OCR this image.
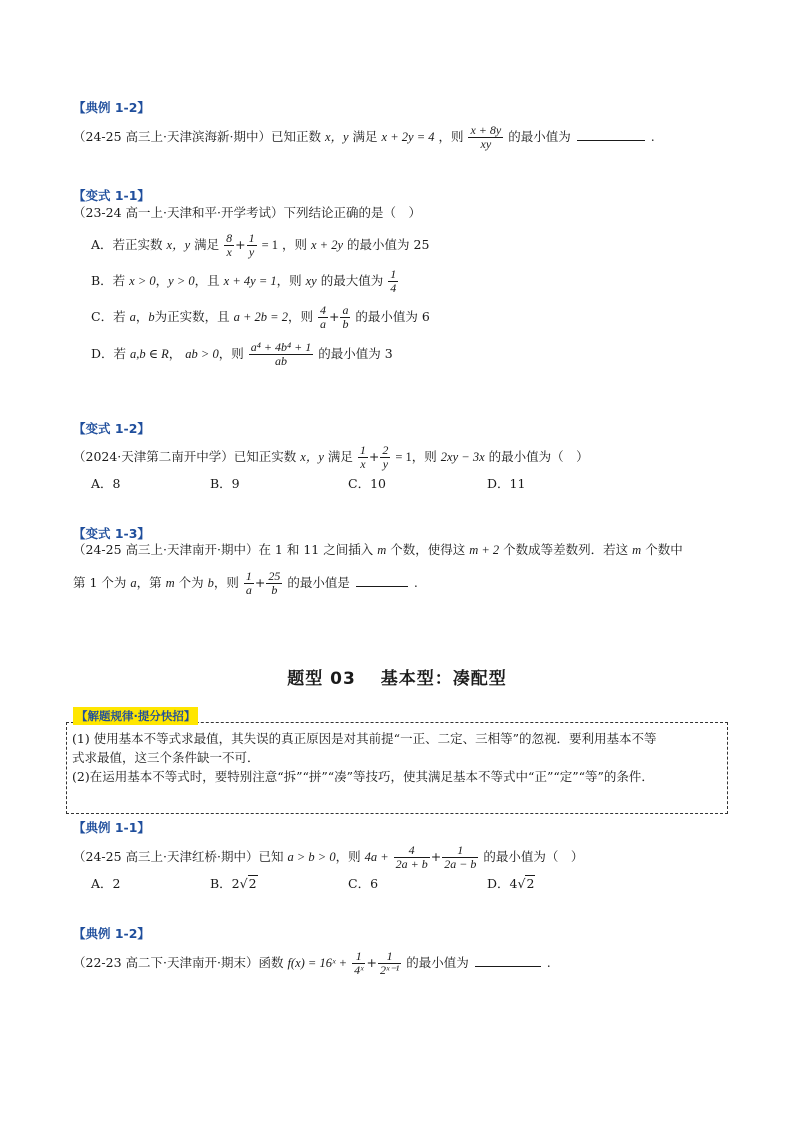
【典例 1-2】
（24-25 高三上·天津滨海新·期中）已知正数 x，y 满足 x + 2y = 4 ，则 $\frac{x + 8y}{xy}$ 的最小值为	.
【变式 1-1】
（23-24 高一上·天津和平·开学考试）下列结论正确的是（　）
A．若正实数 x，y 满足 $\frac{8}{x} + \frac{1}{y} = 1$ ，则 x + 2y 的最小值为 25
B．若 x > 0，y > 0，且 x + 4y = 1，则 xy 的最大值为 $\frac{1}{4}$
C．若 a，b为正实数，且 a + 2b = 2，则 $\frac{4}{a} + \frac{a}{b}$ 的最小值为 6
D．若 a,b ∈ R， ab > 0，则 $\frac{\text{a⁴ + 4b⁴ + 1}}{ab}$ 的最小值为 3
【变式 1-2】
（2024·天津第二南开中学）已知正实数 x，y 满足 $\frac{1}{x} + \frac{2}{y} = 1$，则 2xy − 3x 的最小值为（　）
A．8	B．9	C．10	D．11
【变式 1-3】
（24-25 高三上·天津南开·期中）在 1 和 11 之间插入 m 个数，使得这 m + 2 个数成等差数列．若这 m 个数中
第 1 个为 a，第 m 个为 b，则 $\frac{1}{a} + \frac{25}{b}$ 的最小值是	.
题型 03　 基本型：凑配型
【解题规律·提分快招】
(1) 使用基本不等式求最值，其失误的真正原因是对其前提“一正、二定、三相等”的忽视．要利用基本不等
式求最值，这三个条件缺一不可．
(2)在运用基本不等式时，要特别注意“拆”“拼”“凑”等技巧，使其满足基本不等式中“正”“定”“等”的条件．
【典例 1-1】
（24-25 高三上·天津红桥·期中）已知 a > b > 0，则 $4a + \frac{4}{2a + b} + \frac{1}{2a - b}$ 的最小值为（　）
A．2	B．2√2	C．6	D．4√2
【典例 1-2】
（22-23 高二下·天津南开·期末）函数 f(x) = 16ˣ + $\frac{1}{\text{4ˣ}} + \frac{1}{\text{2ˣ⁻¹}}$ 的最小值为	.
